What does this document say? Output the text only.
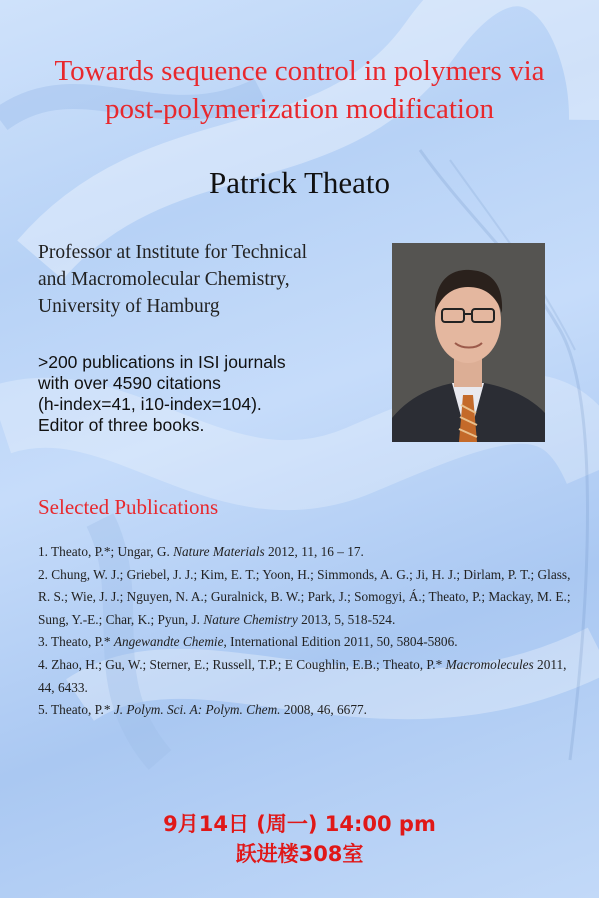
Towards sequence control in polymers via
post-polymerization modification
Patrick Theato
Professor at Institute for Technical
and Macromolecular Chemistry,
University of Hamburg
>200 publications in ISI journals
with over 4590 citations
(h-index=41, i10-index=104).
Editor of three books.
Selected Publications
1. Theato, P.*; Ungar, G. Nature Materials 2012, 11, 16 – 17.
2. Chung, W. J.; Griebel, J. J.; Kim, E. T.; Yoon, H.; Simmonds, A. G.; Ji, H. J.; Dirlam, P. T.; Glass, R. S.; Wie, J. J.; Nguyen, N. A.; Guralnick, B. W.; Park, J.; Somogyi, Á.; Theato, P.; Mackay, M. E.; Sung, Y.-E.; Char, K.; Pyun, J. Nature Chemistry 2013, 5, 518-524.
3. Theato, P.* Angewandte Chemie, International Edition 2011, 50, 5804-5806.
4. Zhao, H.; Gu, W.; Sterner, E.; Russell, T.P.; E Coughlin, E.B.; Theato, P.* Macromolecules 2011, 44, 6433.
5. Theato, P.* J. Polym. Sci. A: Polym. Chem. 2008, 46, 6677.
9月14日 (周一) 14:00 pm
跃进楼308室
